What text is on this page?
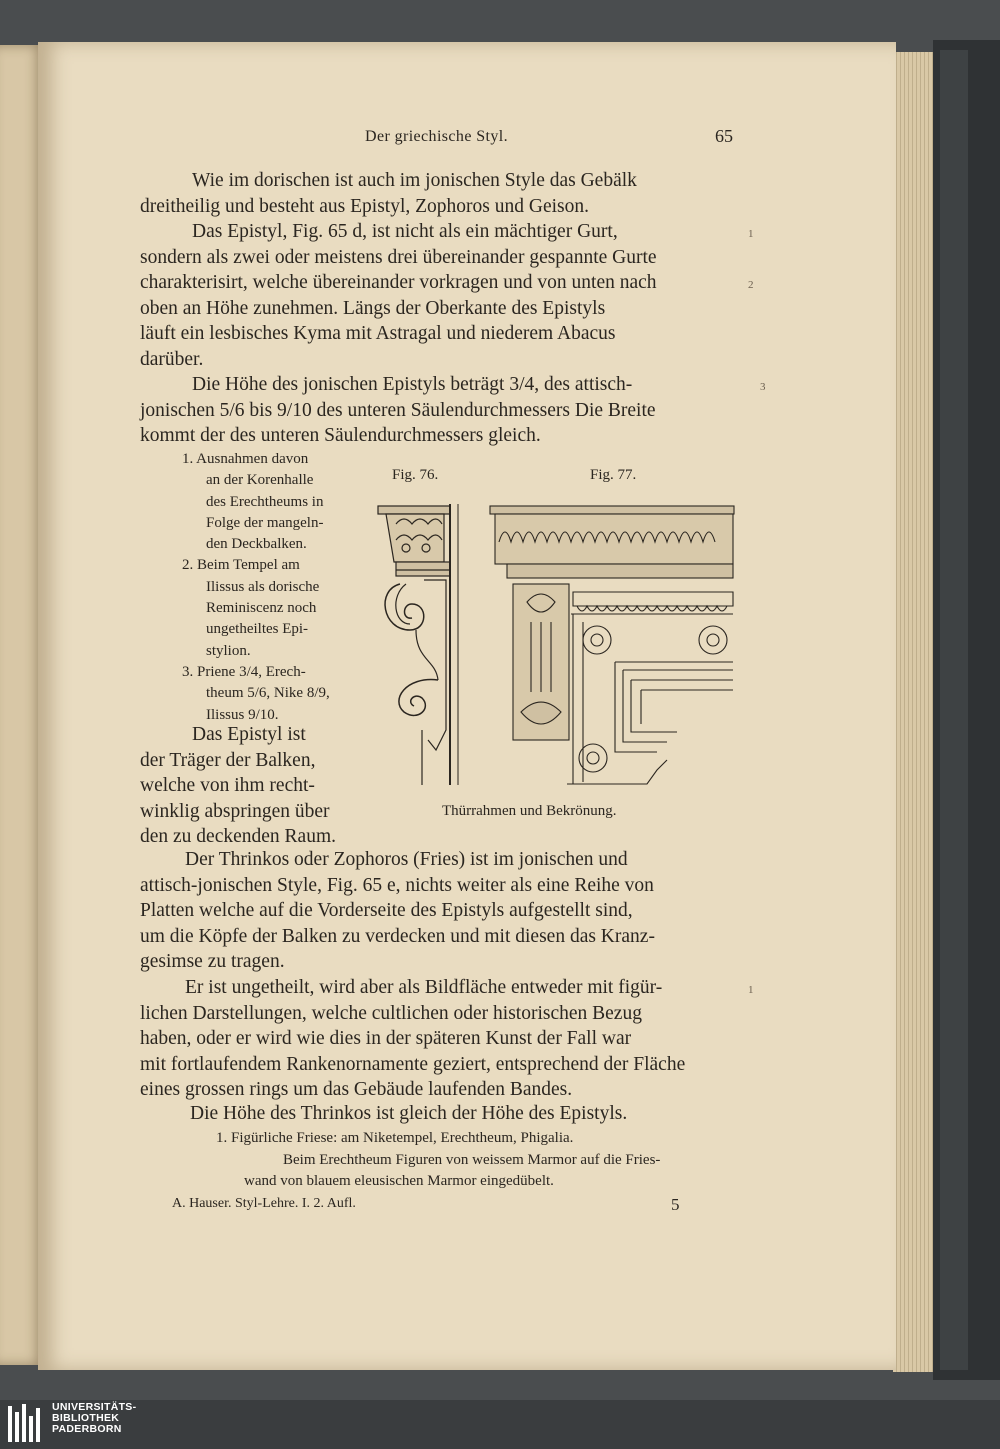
Der griechische Styl.	65
Wie im dorischen ist auch im jonischen Style das Gebälk
dreitheilig und besteht aus Epistyl, Zophoros und Geison.
Das Epistyl, Fig. 65 d, ist nicht als ein mächtiger Gurt,
sondern als zwei oder meistens drei übereinander gespannte Gurte
charakterisirt, welche übereinander vorkragen und von unten nach
oben an Höhe zunehmen. Längs der Oberkante des Epistyls
läuft ein lesbisches Kyma mit Astragal und niederem Abacus
darüber.
Die Höhe des jonischen Epistyls beträgt 3/4, des attisch-
jonischen 5/6 bis 9/10 des unteren Säulendurchmessers Die Breite
kommt der des unteren Säulendurchmessers gleich.
1
2
3
1
1. Ausnahmen davon
an der Korenhalle
des Erechtheums in
Folge der mangeln-
den Deckbalken.
2. Beim Tempel am
Ilissus als dorische
Reminiscenz noch
ungetheiltes Epi-
stylion.
3. Priene 3/4, Erech-
theum 5/6, Nike 8/9,
Ilissus 9/10.
Das Epistyl ist
der Träger der Balken,
welche von ihm recht-
winklig abspringen über
den zu deckenden Raum.
Fig. 76.	Fig. 77.
Thürrahmen und Bekrönung.
Der Thrinkos oder Zophoros (Fries) ist im jonischen und
attisch-jonischen Style, Fig. 65 e, nichts weiter als eine Reihe von
Platten welche auf die Vorderseite des Epistyls aufgestellt sind,
um die Köpfe der Balken zu verdecken und mit diesen das Kranz-
gesimse zu tragen.
Er ist ungetheilt, wird aber als Bildfläche entweder mit figür-
lichen Darstellungen, welche cultlichen oder historischen Bezug
haben, oder er wird wie dies in der späteren Kunst der Fall war
mit fortlaufendem Rankenornamente geziert, entsprechend der Fläche
eines grossen rings um das Gebäude laufenden Bandes.
Die Höhe des Thrinkos ist gleich der Höhe des Epistyls.
1. Figürliche Friese: am Niketempel, Erechtheum, Phigalia.
Beim Erechtheum Figuren von weissem Marmor auf die Fries-
wand von blauem eleusischen Marmor eingedübelt.
A. Hauser. Styl-Lehre. I. 2. Aufl.	5
UNIVERSITÄTS-
BIBLIOTHEK
PADERBORN
